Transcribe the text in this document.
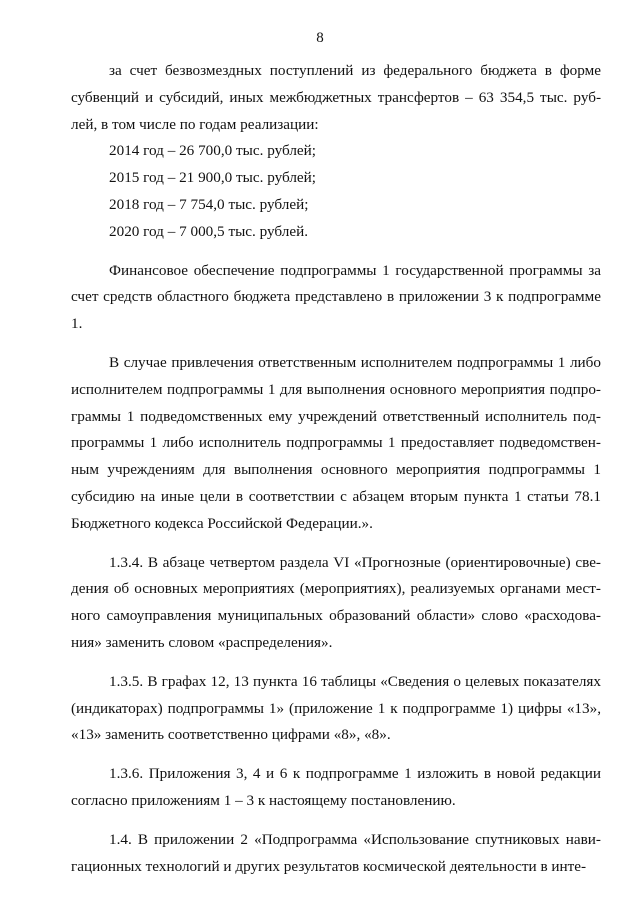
8

за счет безвозмездных поступлений из федерального бюджета в форме субвенций и субсидий, иных межбюджетных трансфертов – 63 354,5 тыс. руб-лей, в том числе по годам реализации:

2014 год – 26 700,0 тыс. рублей;

2015 год – 21 900,0 тыс. рублей;

2018 год – 7 754,0 тыс. рублей;

2020 год – 7 000,5 тыс. рублей.

Финансовое обеспечение подпрограммы 1 государственной программы за счет средств областного бюджета представлено в приложении 3 к подпрограмме 1.

В случае привлечения ответственным исполнителем подпрограммы 1 либо исполнителем подпрограммы 1 для выполнения основного мероприятия подпро-граммы 1 подведомственных ему учреждений ответственный исполнитель под-программы 1 либо исполнитель подпрограммы 1 предоставляет подведомствен-ным учреждениям для выполнения основного мероприятия подпрограммы 1 субсидию на иные цели в соответствии с абзацем вторым пункта 1 статьи 78.1 Бюджетного кодекса Российской Федерации.».

1.3.4. В абзаце четвертом раздела VI «Прогнозные (ориентировочные) све-дения об основных мероприятиях (мероприятиях), реализуемых органами мест-ного самоуправления муниципальных образований области» слово «расходова-ния» заменить словом «распределения».

1.3.5. В графах 12, 13 пункта 16 таблицы «Сведения о целевых показателях (индикаторах) подпрограммы 1» (приложение 1 к подпрограмме 1) цифры «13», «13» заменить соответственно цифрами «8», «8».

1.3.6. Приложения 3, 4 и 6 к подпрограмме 1 изложить в новой редакции согласно приложениям 1 – 3 к настоящему постановлению.

1.4. В приложении 2 «Подпрограмма «Использование спутниковых нави-гационных технологий и других результатов космической деятельности в инте-
